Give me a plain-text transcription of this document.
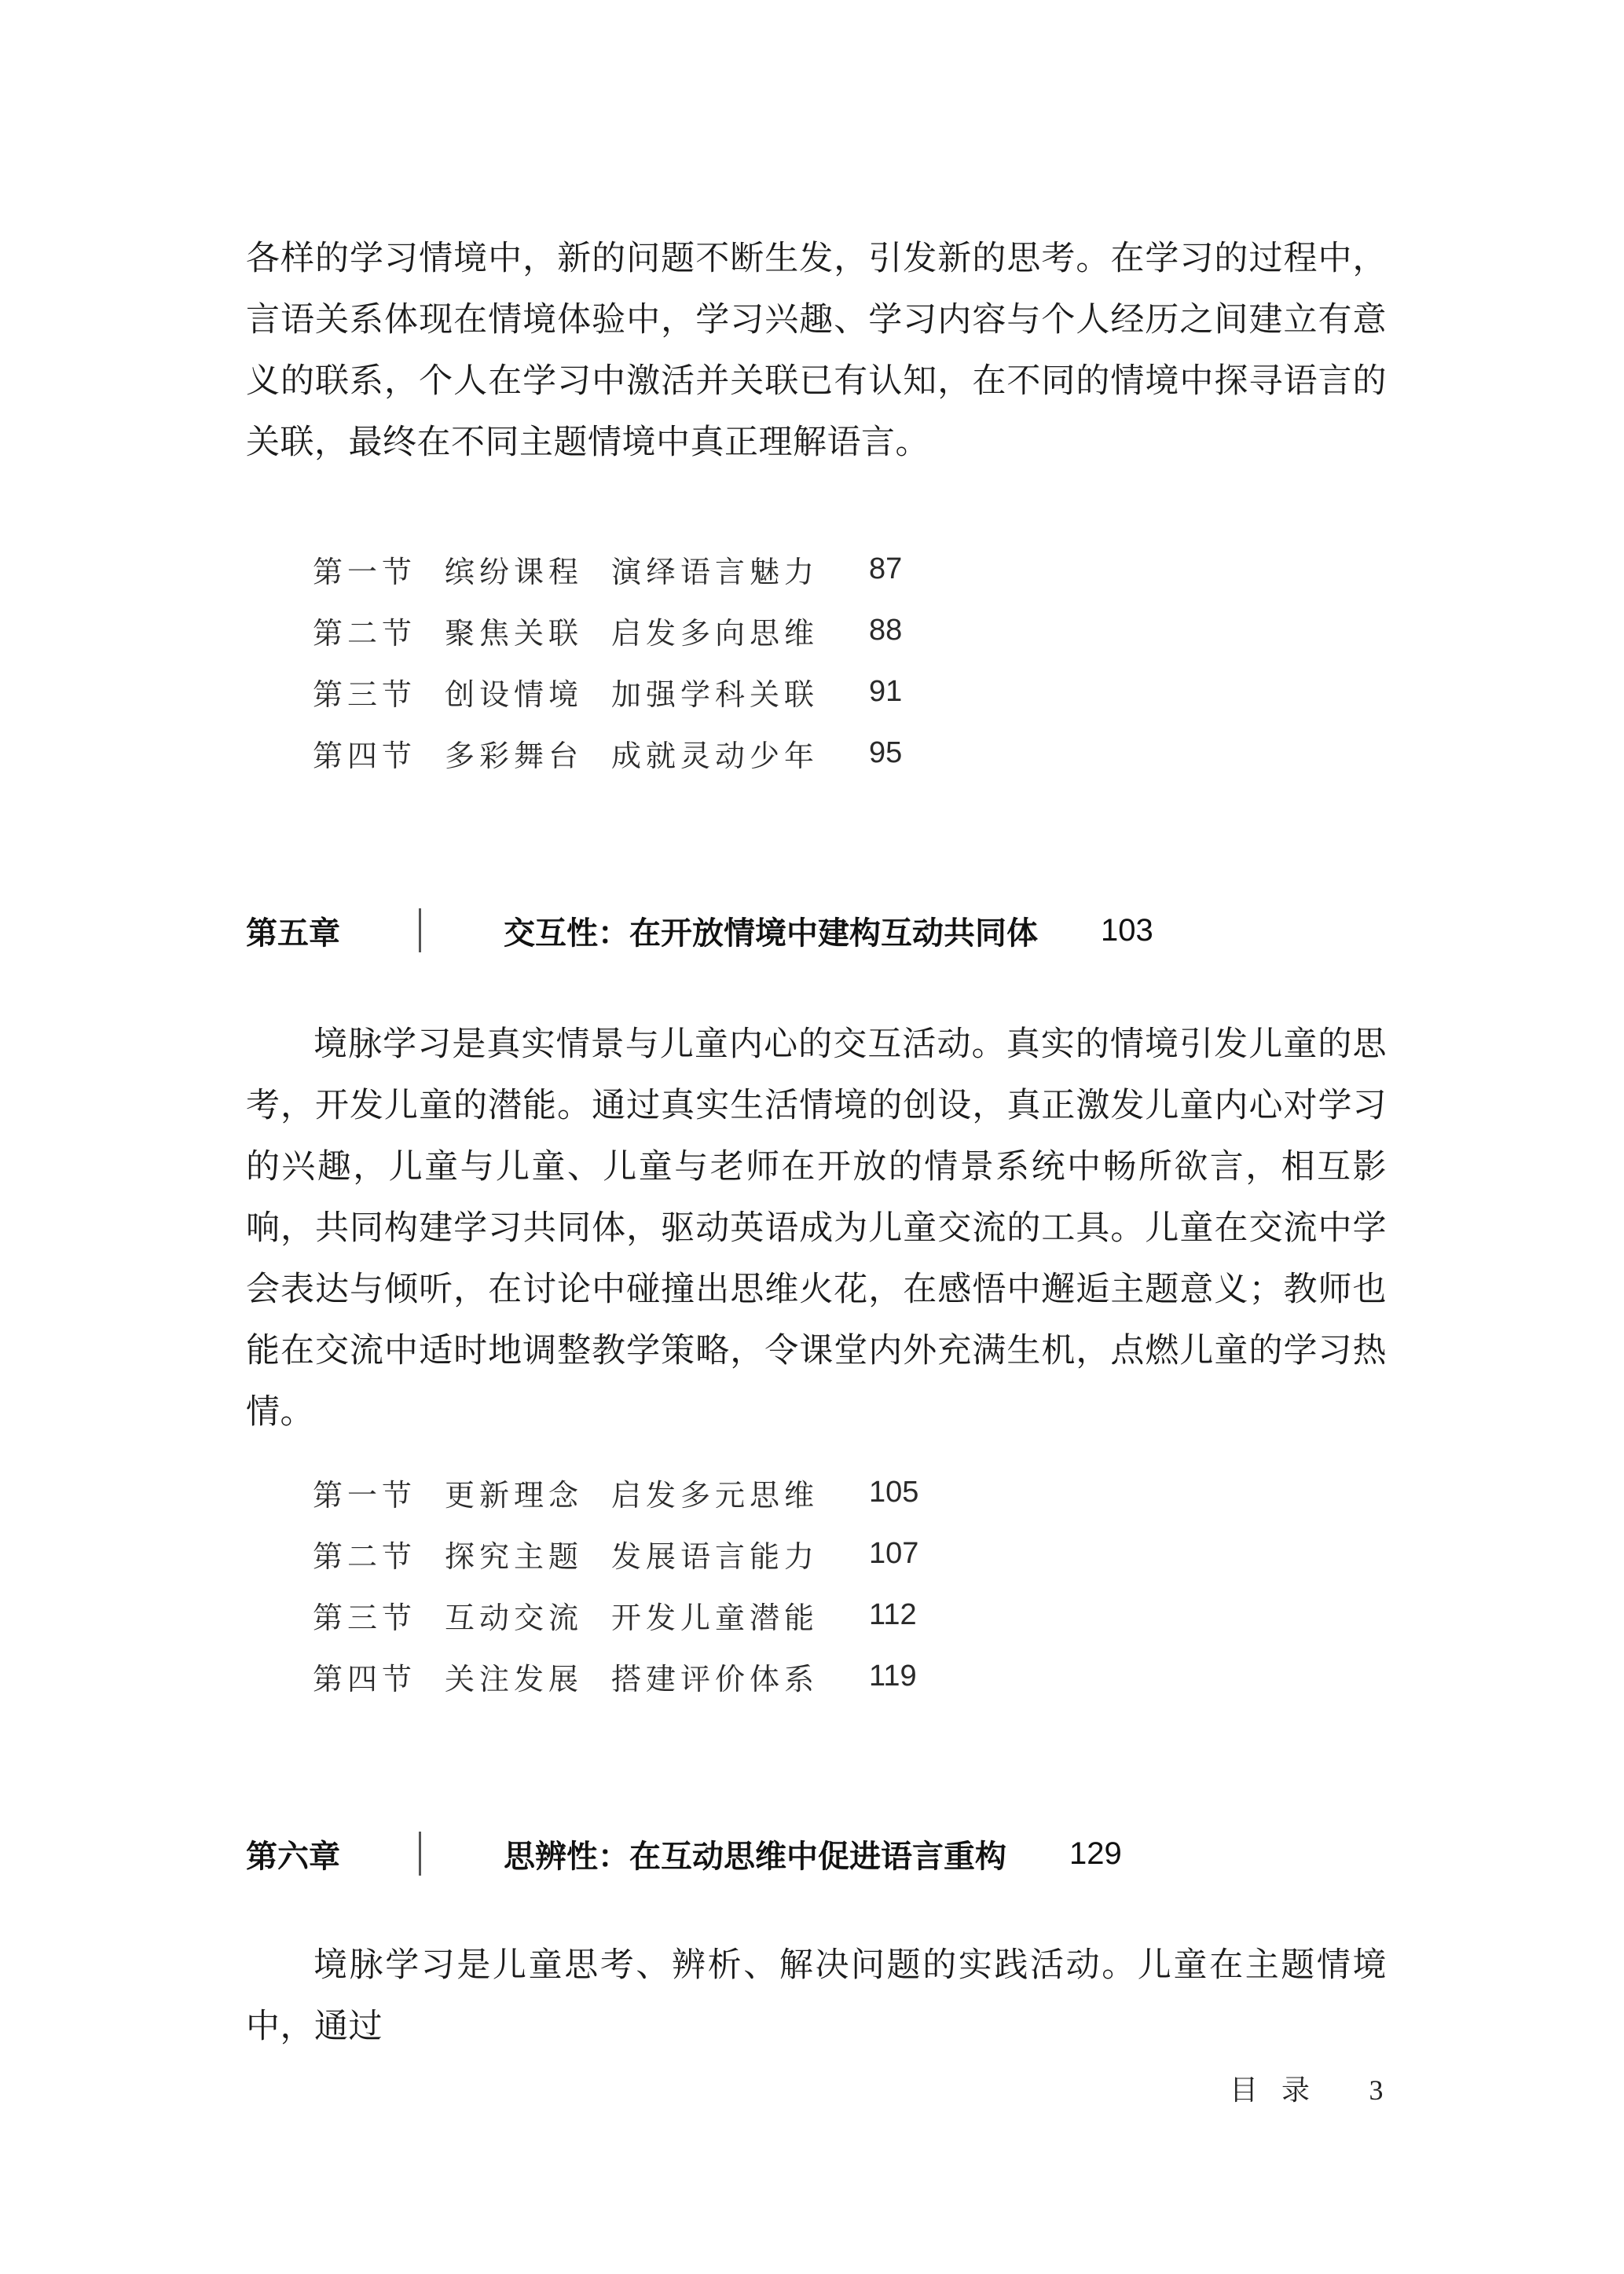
各样的学习情境中，新的问题不断生发，引发新的思考。在学习的过程中，言语关系体现在情境体验中，学习兴趣、学习内容与个人经历之间建立有意义的联系，个人在学习中激活并关联已有认知，在不同的情境中探寻语言的关联，最终在不同主题情境中真正理解语言。

第一节 缤纷课程 演绎语言魅力	87
第二节 聚焦关联 启发多向思维	88
第三节 创设情境 加强学科关联	91
第四节 多彩舞台 成就灵动少年	95
第五章	交互性：在开放情境中建构互动共同体 103

境脉学习是真实情景与儿童内心的交互活动。真实的情境引发儿童的思考，开发儿童的潜能。通过真实生活情境的创设，真正激发儿童内心对学习的兴趣，儿童与儿童、儿童与老师在开放的情景系统中畅所欲言，相互影响，共同构建学习共同体，驱动英语成为儿童交流的工具。儿童在交流中学会表达与倾听，在讨论中碰撞出思维火花，在感悟中邂逅主题意义；教师也能在交流中适时地调整教学策略，令课堂内外充满生机，点燃儿童的学习热情。

第一节 更新理念 启发多元思维	105
第二节 探究主题 发展语言能力	107
第三节 互动交流 开发儿童潜能	112
第四节 关注发展 搭建评价体系	119
第六章	思辨性：在互动思维中促进语言重构 129

境脉学习是儿童思考、辨析、解决问题的实践活动。儿童在主题情境中，通过

目录 3
